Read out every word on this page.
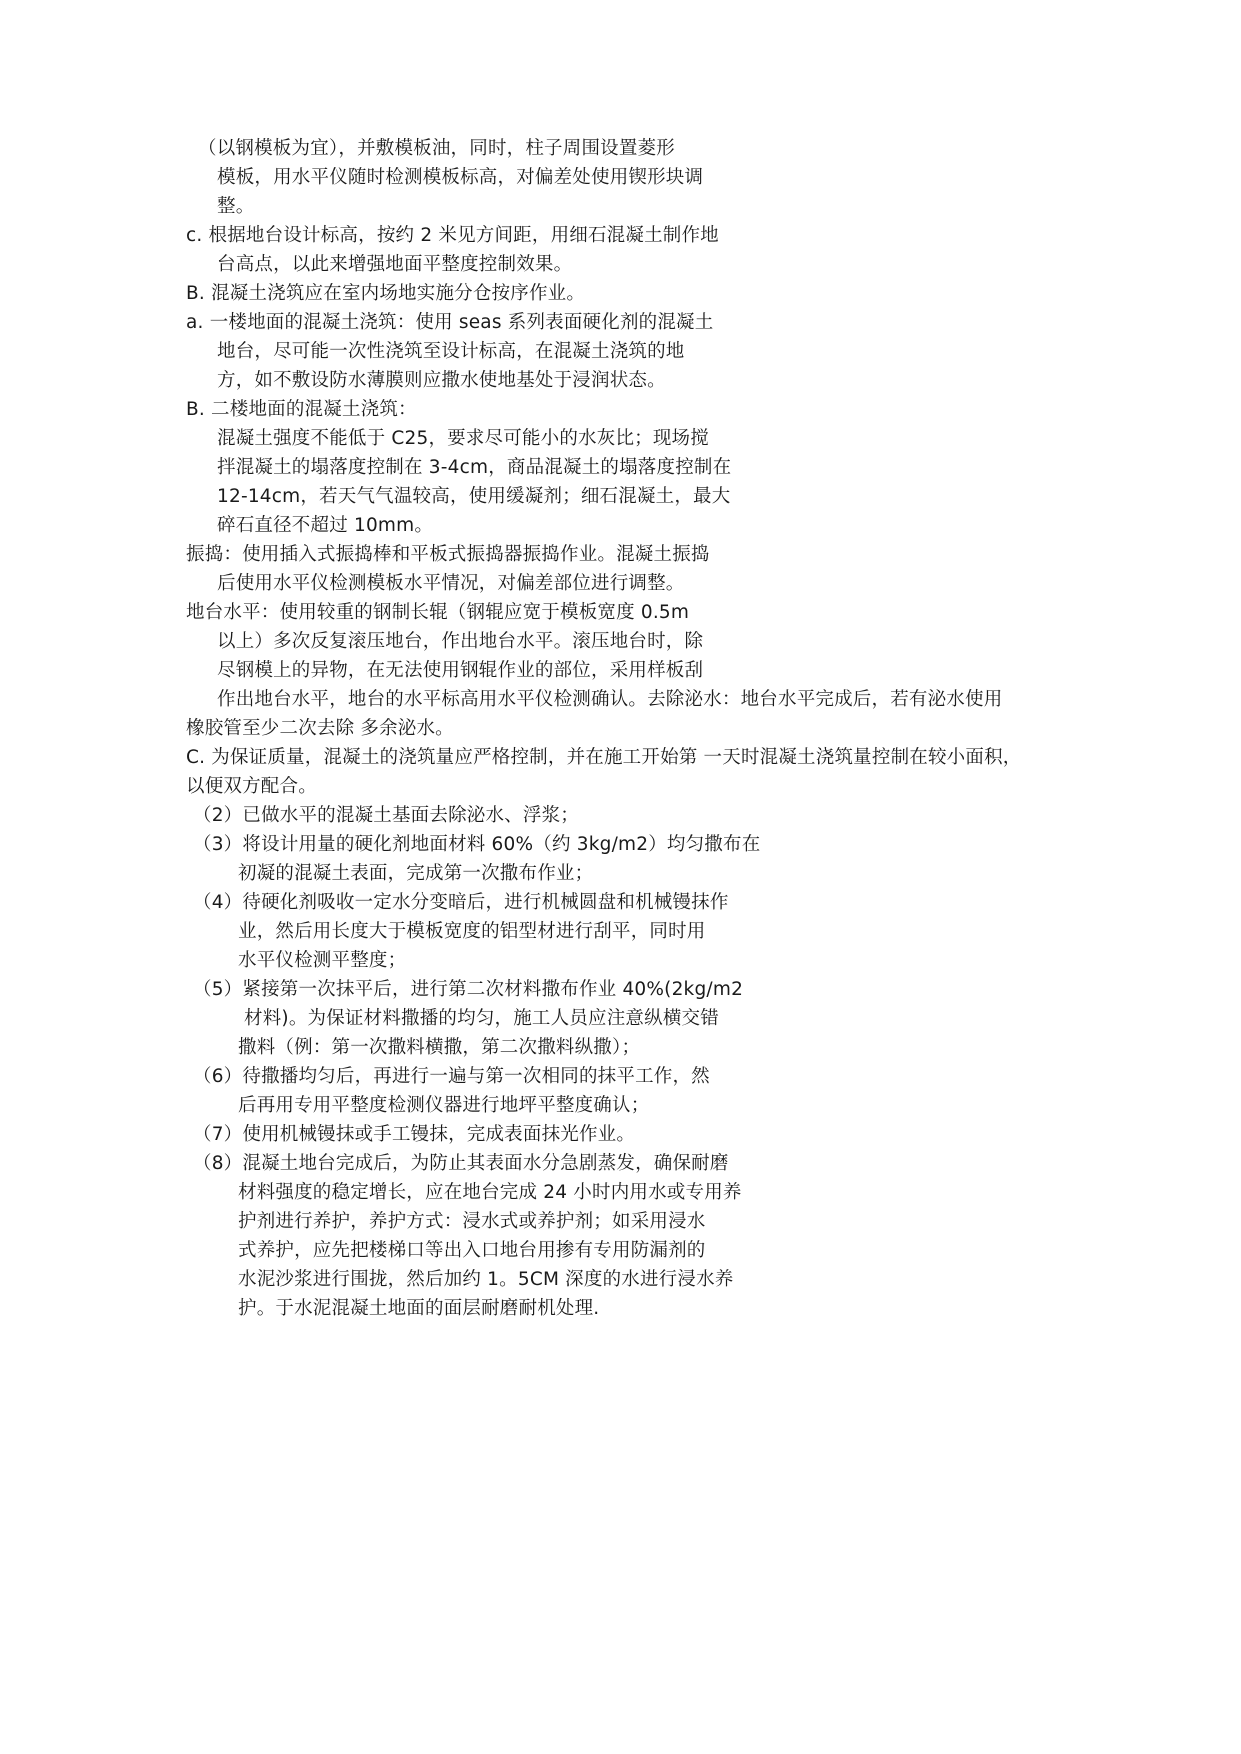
（以钢模板为宜），并敷模板油，同时，柱子周围设置菱形
模板，用水平仪随时检测模板标高，对偏差处使用锲形块调
整。
c. 根据地台设计标高，按约 2 米见方间距，用细石混凝土制作地
台高点，以此来增强地面平整度控制效果。
B. 混凝土浇筑应在室内场地实施分仓按序作业。
a. 一楼地面的混凝土浇筑：使用 seas 系列表面硬化剂的混凝土
地台，尽可能一次性浇筑至设计标高，在混凝土浇筑的地
方，如不敷设防水薄膜则应撒水使地基处于浸润状态。
B. 二楼地面的混凝土浇筑：
混凝土强度不能低于 C25，要求尽可能小的水灰比；现场搅
拌混凝土的塌落度控制在 3-4cm，商品混凝土的塌落度控制在
12-14cm，若天气气温较高，使用缓凝剂；细石混凝土，最大
碎石直径不超过 10mm。
振捣：使用插入式振捣棒和平板式振捣器振捣作业。混凝土振捣
后使用水平仪检测模板水平情况，对偏差部位进行调整。
地台水平：使用较重的钢制长辊（钢辊应宽于模板宽度 0.5m
以上）多次反复滚压地台，作出地台水平。滚压地台时，除
尽钢模上的异物，在无法使用钢辊作业的部位，采用样板刮
作出地台水平，地台的水平标高用水平仪检测确认。去除泌水：地台水平完成后，若有泌水使用
橡胶管至少二次去除 多余泌水。
C. 为保证质量，混凝土的浇筑量应严格控制，并在施工开始第 一天时混凝土浇筑量控制在较小面积，
以便双方配合。
（2）已做水平的混凝土基面去除泌水、浮浆；
（3）将设计用量的硬化剂地面材料 60%（约 3kg/m2）均匀撒布在
初凝的混凝土表面，完成第一次撒布作业；
（4）待硬化剂吸收一定水分变暗后，进行机械圆盘和机械镘抹作
业，然后用长度大于模板宽度的铝型材进行刮平，同时用
水平仪检测平整度；
（5）紧接第一次抹平后，进行第二次材料撒布作业 40%(2kg/m2
材料)。为保证材料撒播的均匀，施工人员应注意纵横交错
撒料（例：第一次撒料横撒，第二次撒料纵撒）；
（6）待撒播均匀后，再进行一遍与第一次相同的抹平工作，然
后再用专用平整度检测仪器进行地坪平整度确认；
（7）使用机械镘抹或手工镘抹，完成表面抹光作业。
（8）混凝土地台完成后，为防止其表面水分急剧蒸发，确保耐磨
材料强度的稳定增长，应在地台完成 24 小时内用水或专用养
护剂进行养护，养护方式：浸水式或养护剂；如采用浸水
式养护，应先把楼梯口等出入口地台用掺有专用防漏剂的
水泥沙浆进行围拢，然后加约 1。5CM 深度的水进行浸水养
护。于水泥混凝土地面的面层耐磨耐机处理.
